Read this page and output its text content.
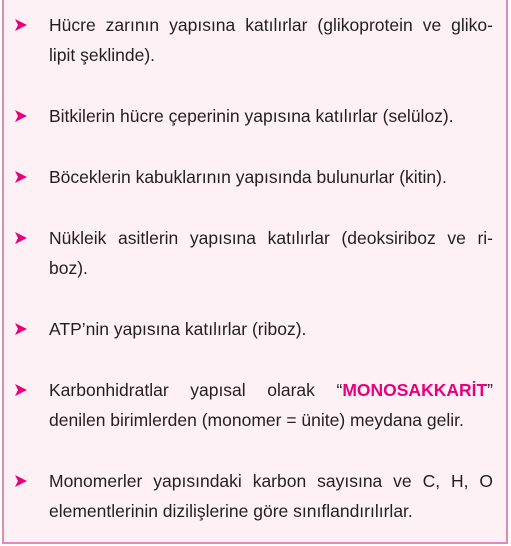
Hücre zarının yapısına katılırlar (glikoprotein ve gliko-
lipit şeklinde).
Bitkilerin hücre çeperinin yapısına katılırlar (selüloz).
Böceklerin kabuklarının yapısında bulunurlar (kitin).
Nükleik asitlerin yapısına katılırlar (deoksiriboz ve ri-
boz).
ATP’nin yapısına katılırlar (riboz).
Karbonhidratlar yapısal olarak “MONOSAKKARİT”
denilen birimlerden (monomer = ünite) meydana gelir.
Monomerler yapısındaki karbon sayısına ve C, H, O
elementlerinin dizilişlerine göre sınıflandırılırlar.
